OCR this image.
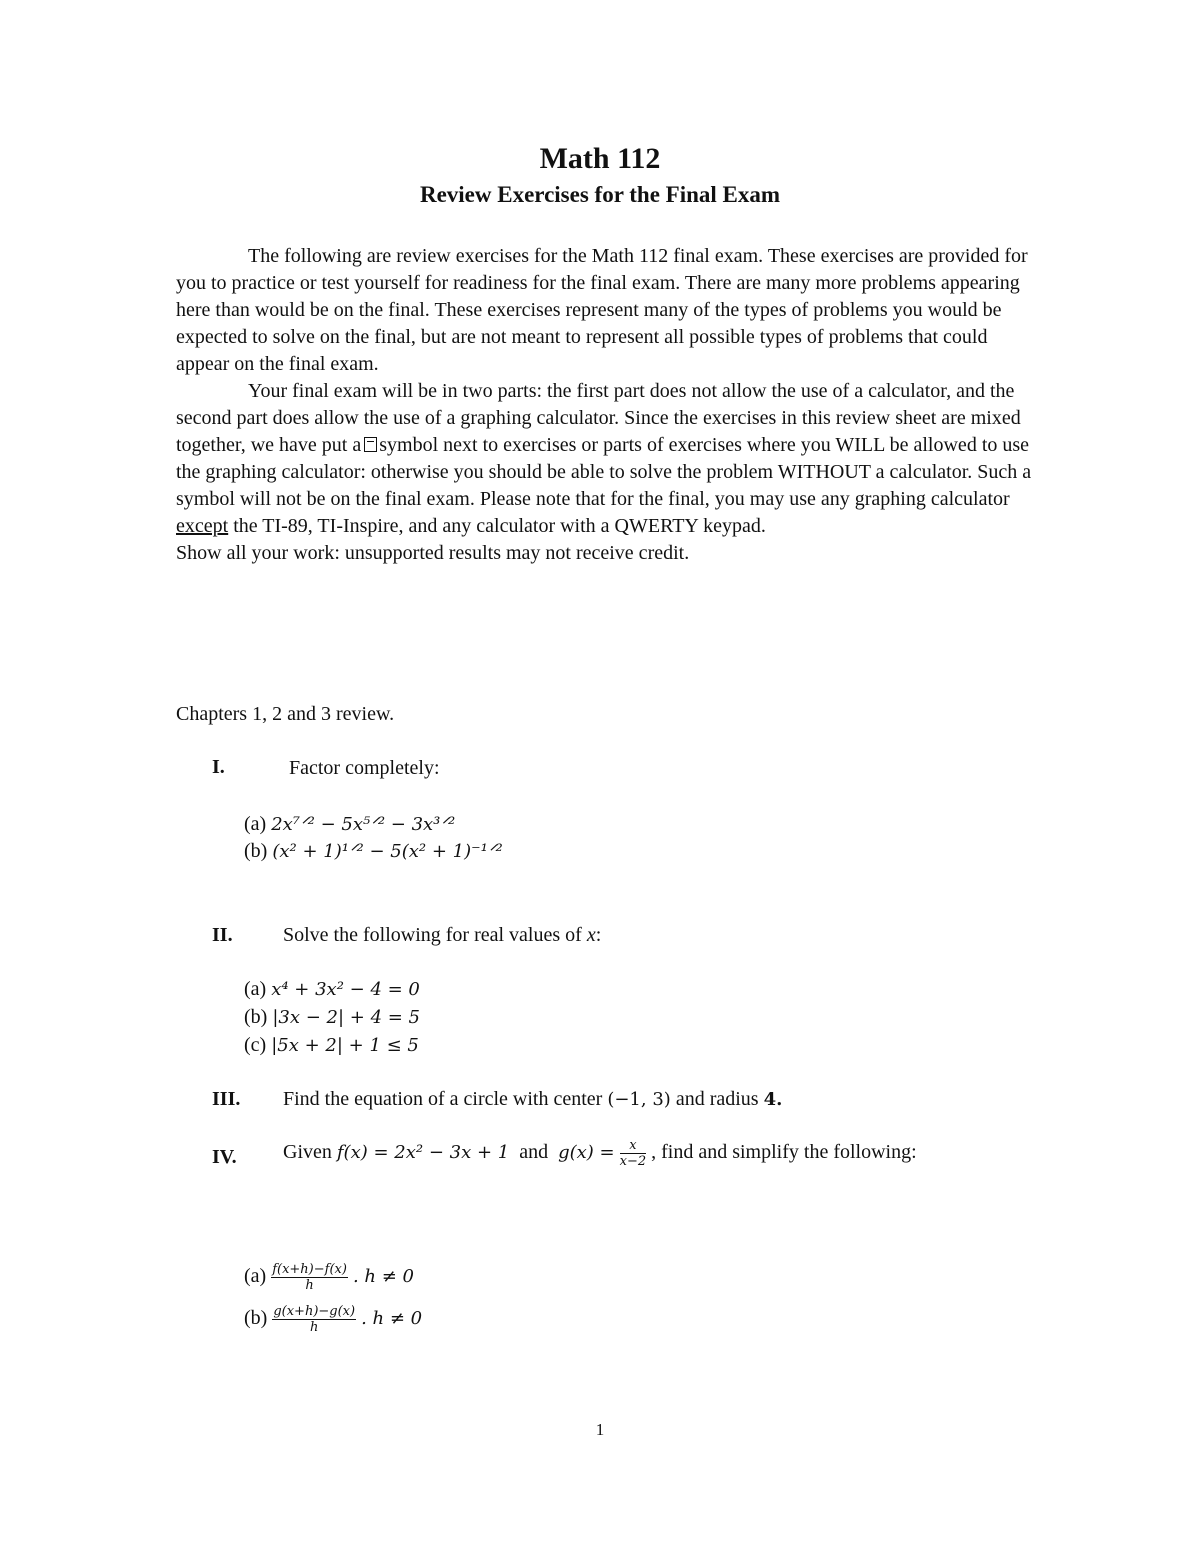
Math 112
Review Exercises for the Final Exam

The following are review exercises for the Math 112 final exam. These exercises are provided for you to practice or test yourself for readiness for the final exam. There are many more problems appearing here than would be on the final. These exercises represent many of the types of problems you would be expected to solve on the final, but are not meant to represent all possible types of problems that could appear on the final exam.

Your final exam will be in two parts: the first part does not allow the use of a calculator, and the second part does allow the use of a graphing calculator. Since the exercises in this review sheet are mixed together, we have put a symbol next to exercises or parts of exercises where you WILL be allowed to use the graphing calculator: otherwise you should be able to solve the problem WITHOUT a calculator. Such a symbol will not be on the final exam. Please note that for the final, you may use any graphing calculator except the TI-89, TI-Inspire, and any calculator with a QWERTY keypad.

Show all your work: unsupported results may not receive credit.

Chapters 1, 2 and 3 review.
I.	Factor completely:
(a) 2x⁷ᐟ² − 5x⁵ᐟ² − 3x³ᐟ²
(b) (x² + 1)¹ᐟ² − 5(x² + 1)⁻¹ᐟ²
II.	Solve the following for real values of x:
(a) x⁴ + 3x² − 4 = 0
(b) |3x − 2| + 4 = 5
(c) |5x + 2| + 1 ≤ 5
III. Find the equation of a circle with center (−1, 3) and radius 4.
IV. Given f(x) = 2x² − 3x + 1 and $g(x) = \frac{x}{x-2}$ , find and simplify the following:
$(a) \frac{f(x+h)-f(x)}{h}$ . h ≠ 0
$(b) \frac{g(x+h)-g(x)}{h}$ . h ≠ 0
1
